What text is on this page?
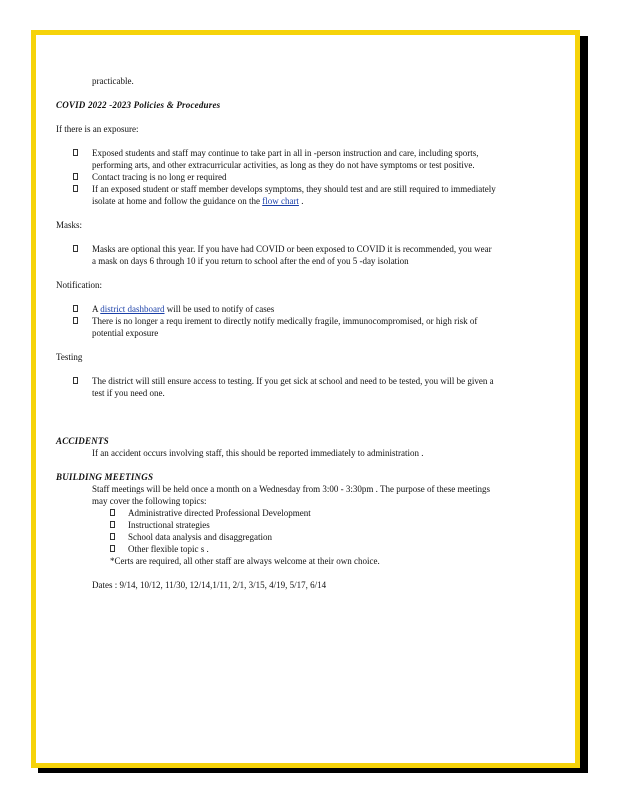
practicable.

COVID 2022 -2023 Policies & Procedures

If there is an exposure:

Exposed students and staff may continue to take part in all in -person instruction and care, including sports, performing arts, and other extracurricular activities, as long as they do not have symptoms or test positive.
Contact tracing is no long er required
If an exposed student or staff member develops symptoms, they should test and are still required to immediately isolate at home and follow the guidance on the flow chart .

Masks:

Masks are optional this year. If you have had COVID or been exposed to COVID it is recommended, you wear a mask on days 6 through 10 if you return to school after the end of you 5 -day isolation

Notification:

A district dashboard will be used to notify of cases
There is no longer a requ irement to directly notify medically fragile, immunocompromised, or high risk of potential exposure

Testing

The district will still ensure access to testing. If you get sick at school and need to be tested, you will be given a test if you need one.

ACCIDENTS

If an accident occurs involving staff, this should be reported immediately to administration .

BUILDING MEETINGS

Staff meetings will be held once a month on a Wednesday from 3:00 - 3:30pm . The purpose of these meetings may cover the following topics:

Administrative directed Professional Development
Instructional strategies
School data analysis and disaggregation
Other flexible topic s .

*Certs are required, all other staff are always welcome at their own choice.

Dates : 9/14, 10/12, 11/30, 12/14,1/11, 2/1, 3/15, 4/19, 5/17, 6/14
